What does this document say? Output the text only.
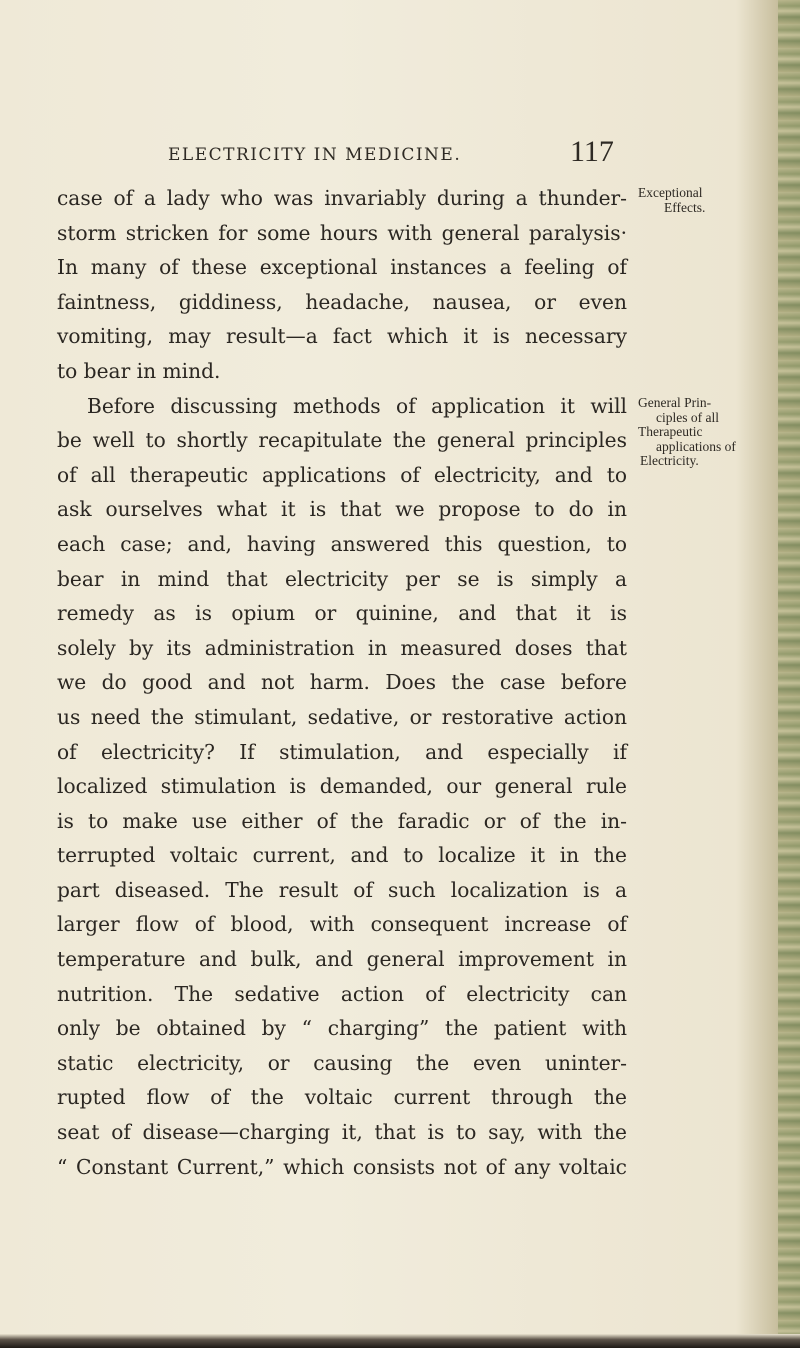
ELECTRICITY IN MEDICINE.	117
Exceptional
Effects.
General Prin-
ciples of all
Therapeutic
applications of
Electricity.
case of a lady who was invariably during a thunder-
storm stricken for some hours with general paralysis·
In many of these exceptional instances a feeling of
faintness, giddiness, headache, nausea, or even
vomiting, may result—a fact which it is necessary
to bear in mind.
Before discussing methods of application it will
be well to shortly recapitulate the general principles
of all therapeutic applications of electricity, and to
ask ourselves what it is that we propose to do in
each case; and, having answered this question, to
bear in mind that electricity per se is simply a
remedy as is opium or quinine, and that it is
solely by its administration in measured doses that
we do good and not harm. Does the case before
us need the stimulant, sedative, or restorative action
of electricity? If stimulation, and especially if
localized stimulation is demanded, our general rule
is to make use either of the faradic or of the in-
terrupted voltaic current, and to localize it in the
part diseased. The result of such localization is a
larger flow of blood, with consequent increase of
temperature and bulk, and general improvement in
nutrition. The sedative action of electricity can
only be obtained by “ charging” the patient with
static electricity, or causing the even uninter-
rupted flow of the voltaic current through the
seat of disease—charging it, that is to say, with the
“ Constant Current,” which consists not of any voltaic
